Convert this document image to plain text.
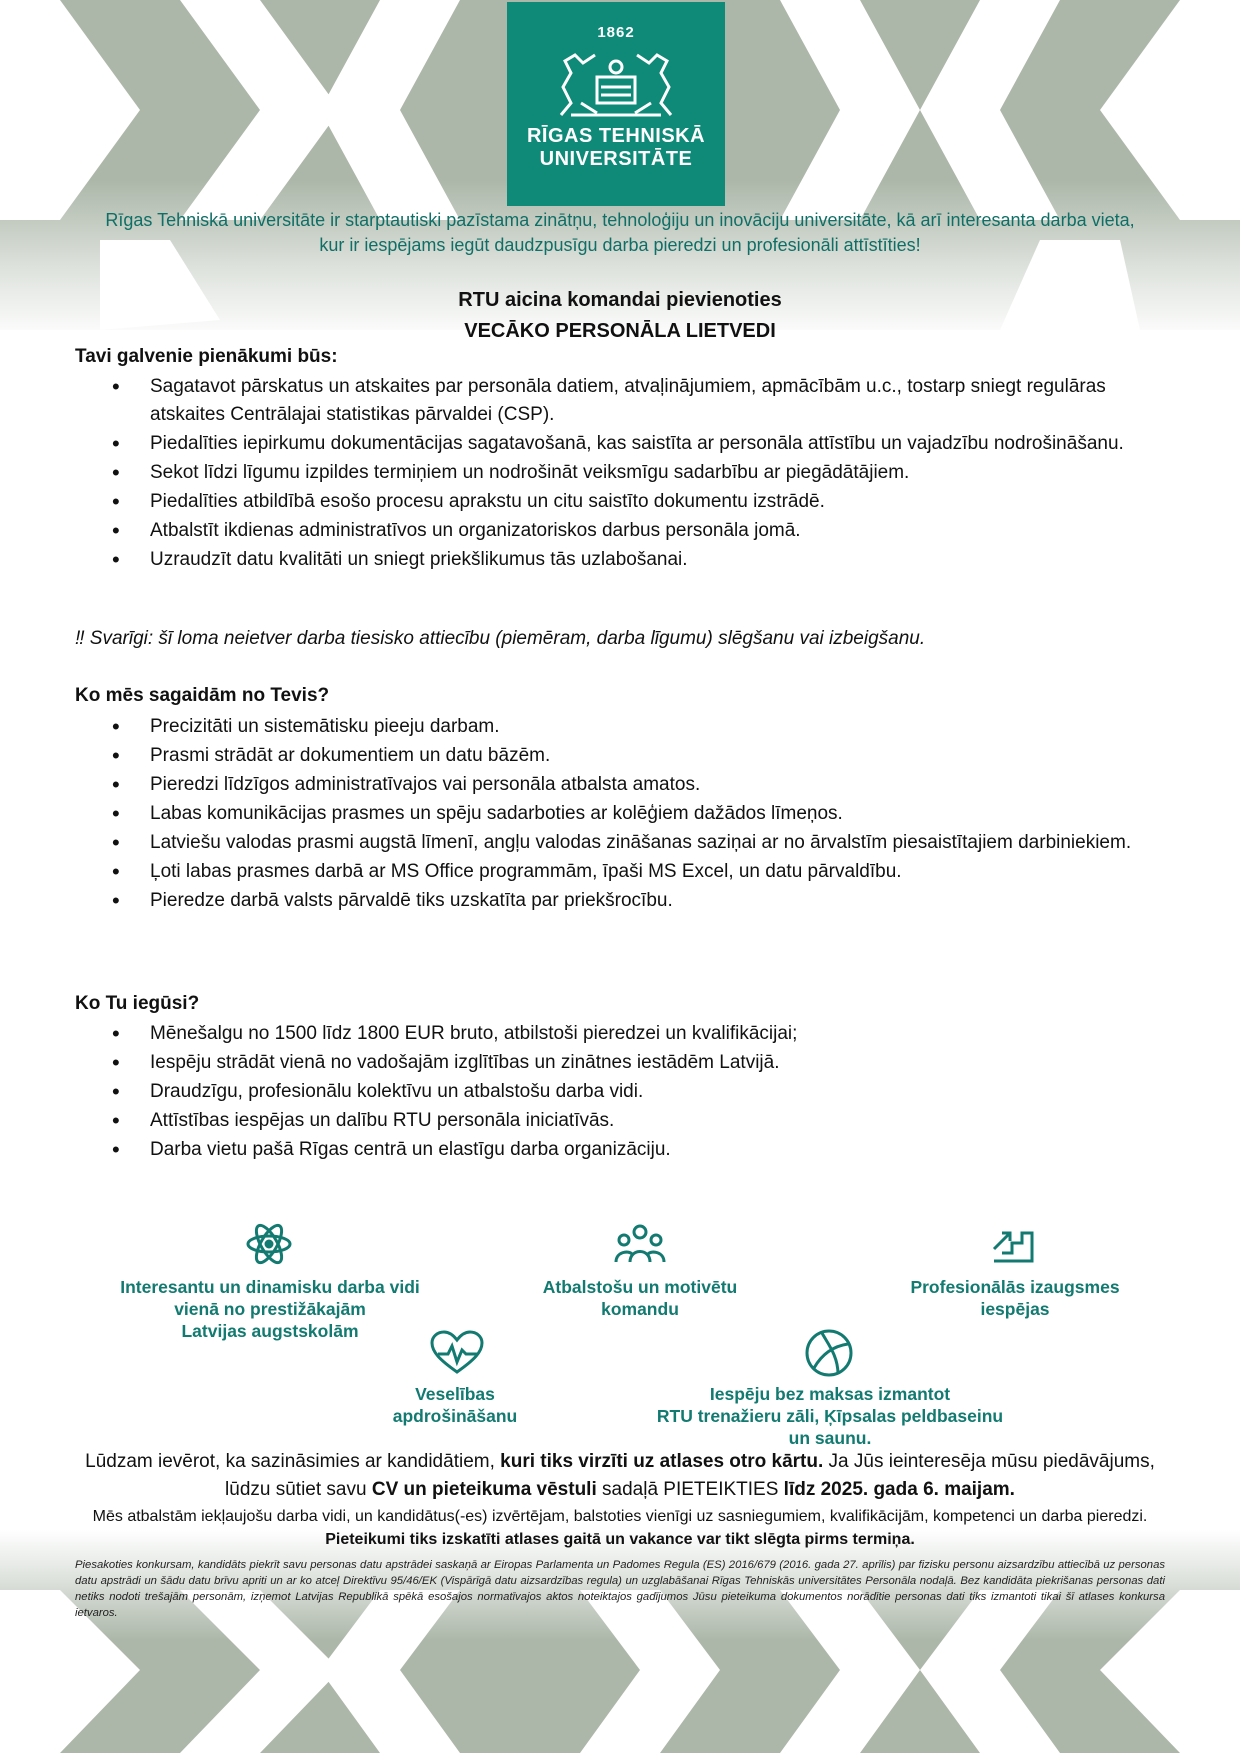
1862
RĪGAS TEHNISKĀ
UNIVERSITĀTE
Rīgas Tehniskā universitāte ir starptautiski pazīstama zinātņu, tehnoloģiju un inovāciju universitāte, kā arī interesanta darba vieta,
kur ir iespējams iegūt daudzpusīgu darba pieredzi un profesionāli attīstīties!
RTU aicina komandai pievienoties
VECĀKO PERSONĀLA LIETVEDI
Tavi galvenie pienākumi būs:
• Sagatavot pārskatus un atskaites par personāla datiem, atvaļinājumiem, apmācībām u.c., tostarp sniegt regulāras atskaites Centrālajai statistikas pārvaldei (CSP).
• Piedalīties iepirkumu dokumentācijas sagatavošanā, kas saistīta ar personāla attīstību un vajadzību nodrošināšanu.
• Sekot līdzi līgumu izpildes termiņiem un nodrošināt veiksmīgu sadarbību ar piegādātājiem.
• Piedalīties atbildībā esošo procesu aprakstu un citu saistīto dokumentu izstrādē.
• Atbalstīt ikdienas administratīvos un organizatoriskos darbus personāla jomā.
• Uzraudzīt datu kvalitāti un sniegt priekšlikumus tās uzlabošanai.
‼ Svarīgi: šī loma neietver darba tiesisko attiecību (piemēram, darba līgumu) slēgšanu vai izbeigšanu.
Ko mēs sagaidām no Tevis?
• Precizitāti un sistemātisku pieeju darbam.
• Prasmi strādāt ar dokumentiem un datu bāzēm.
• Pieredzi līdzīgos administratīvajos vai personāla atbalsta amatos.
• Labas komunikācijas prasmes un spēju sadarboties ar kolēģiem dažādos līmeņos.
• Latviešu valodas prasmi augstā līmenī, angļu valodas zināšanas saziņai ar no ārvalstīm piesaistītajiem darbiniekiem.
• Ļoti labas prasmes darbā ar MS Office programmām, īpaši MS Excel, un datu pārvaldību.
• Pieredze darbā valsts pārvaldē tiks uzskatīta par priekšrocību.
Ko Tu iegūsi?
• Mēnešalgu no 1500 līdz 1800 EUR bruto, atbilstoši pieredzei un kvalifikācijai;
• Iespēju strādāt vienā no vadošajām izglītības un zinātnes iestādēm Latvijā.
• Draudzīgu, profesionālu kolektīvu un atbalstošu darba vidi.
• Attīstības iespējas un dalību RTU personāla iniciatīvās.
• Darba vietu pašā Rīgas centrā un elastīgu darba organizāciju.
Interesantu un dinamisku darba vidi
vienā no prestižākajām
Latvijas augstskolām
Atbalstošu un motivētu
komandu
Profesionālās izaugsmes
iespējas
Veselības
apdrošināšanu
Iespēju bez maksas izmantot
RTU trenažieru zāli, Ķīpsalas peldbaseinu
un saunu.
Lūdzam ievērot, ka sazināsimies ar kandidātiem, kuri tiks virzīti uz atlases otro kārtu. Ja Jūs ieinteresēja mūsu piedāvājums, lūdzu sūtiet savu CV un pieteikuma vēstuli sadaļā PIETEIKTIES līdz 2025. gada 6. maijam.
Mēs atbalstām iekļaujošu darba vidi, un kandidātus(-es) izvērtējam, balstoties vienīgi uz sasniegumiem, kvalifikācijām, kompetenci un darba pieredzi. Pieteikumi tiks izskatīti atlases gaitā un vakance var tikt slēgta pirms termiņa.
Piesakoties konkursam, kandidāts piekrīt savu personas datu apstrādei saskaņā ar Eiropas Parlamenta un Padomes Regula (ES) 2016/679 (2016. gada 27. aprīlis) par fizisku personu aizsardzību attiecībā uz personas datu apstrādi un šādu datu brīvu apriti un ar ko atceļ Direktīvu 95/46/EK (Vispārīgā datu aizsardzības regula) un uzglabāšanai Rīgas Tehniskās universitātes Personāla nodaļā. Bez kandidāta piekrišanas personas dati netiks nodoti trešajām personām, izņemot Latvijas Republikā spēkā esošajos normatīvajos aktos noteiktajos gadījumos Jūsu pieteikuma dokumentos norādītie personas dati tiks izmantoti tikai šī atlases konkursa ietvaros.
